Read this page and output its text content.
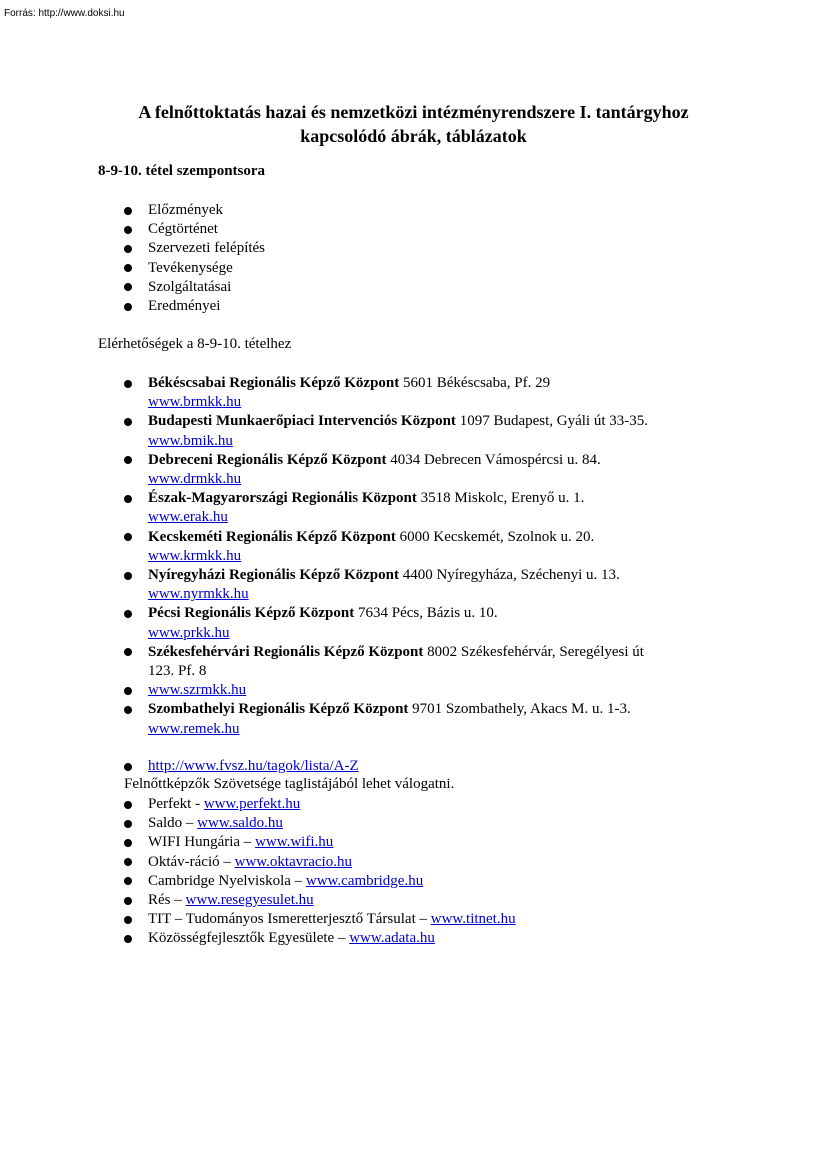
Forrás: http://www.doksi.hu
A felnőttoktatás hazai és nemzetközi intézményrendszere I. tantárgyhoz
kapcsolódó ábrák, táblázatok
8-9-10. tétel szempontsora
Előzmények
Cégtörténet
Szervezeti felépítés
Tevékenysége
Szolgáltatásai
Eredményei
Elérhetőségek a 8-9-10. tételhez
Békéscsabai Regionális Képző Központ 5601 Békéscsaba, Pf. 29
www.brmkk.hu
Budapesti Munkaerőpiaci Intervenciós Központ 1097 Budapest, Gyáli út 33-35.
www.bmik.hu
Debreceni Regionális Képző Központ 4034 Debrecen Vámospércsi u. 84.
www.drmkk.hu
Észak-Magyarországi Regionális Központ 3518 Miskolc, Erenyő u. 1.
www.erak.hu
Kecskeméti Regionális Képző Központ 6000 Kecskemét, Szolnok u. 20.
www.krmkk.hu
Nyíregyházi Regionális Képző Központ 4400 Nyíregyháza, Széchenyi u. 13.
www.nyrmkk.hu
Pécsi Regionális Képző Központ 7634 Pécs, Bázis u. 10.
www.prkk.hu
Székesfehérvári Regionális Képző Központ 8002 Székesfehérvár, Seregélyesi út
123. Pf. 8
www.szrmkk.hu
Szombathelyi Regionális Képző Központ 9701 Szombathely, Akacs M. u. 1-3.
www.remek.hu
http://www.fvsz.hu/tagok/lista/A-Z
Felnőttképzők Szövetsége taglistájából lehet válogatni.
Perfekt - www.perfekt.hu
Saldo – www.saldo.hu
WIFI Hungária – www.wifi.hu
Oktáv-ráció – www.oktavracio.hu
Cambridge Nyelviskola – www.cambridge.hu
Rés – www.resegyesulet.hu
TIT – Tudományos Ismeretterjesztő Társulat – www.titnet.hu
Közösségfejlesztők Egyesülete – www.adata.hu
